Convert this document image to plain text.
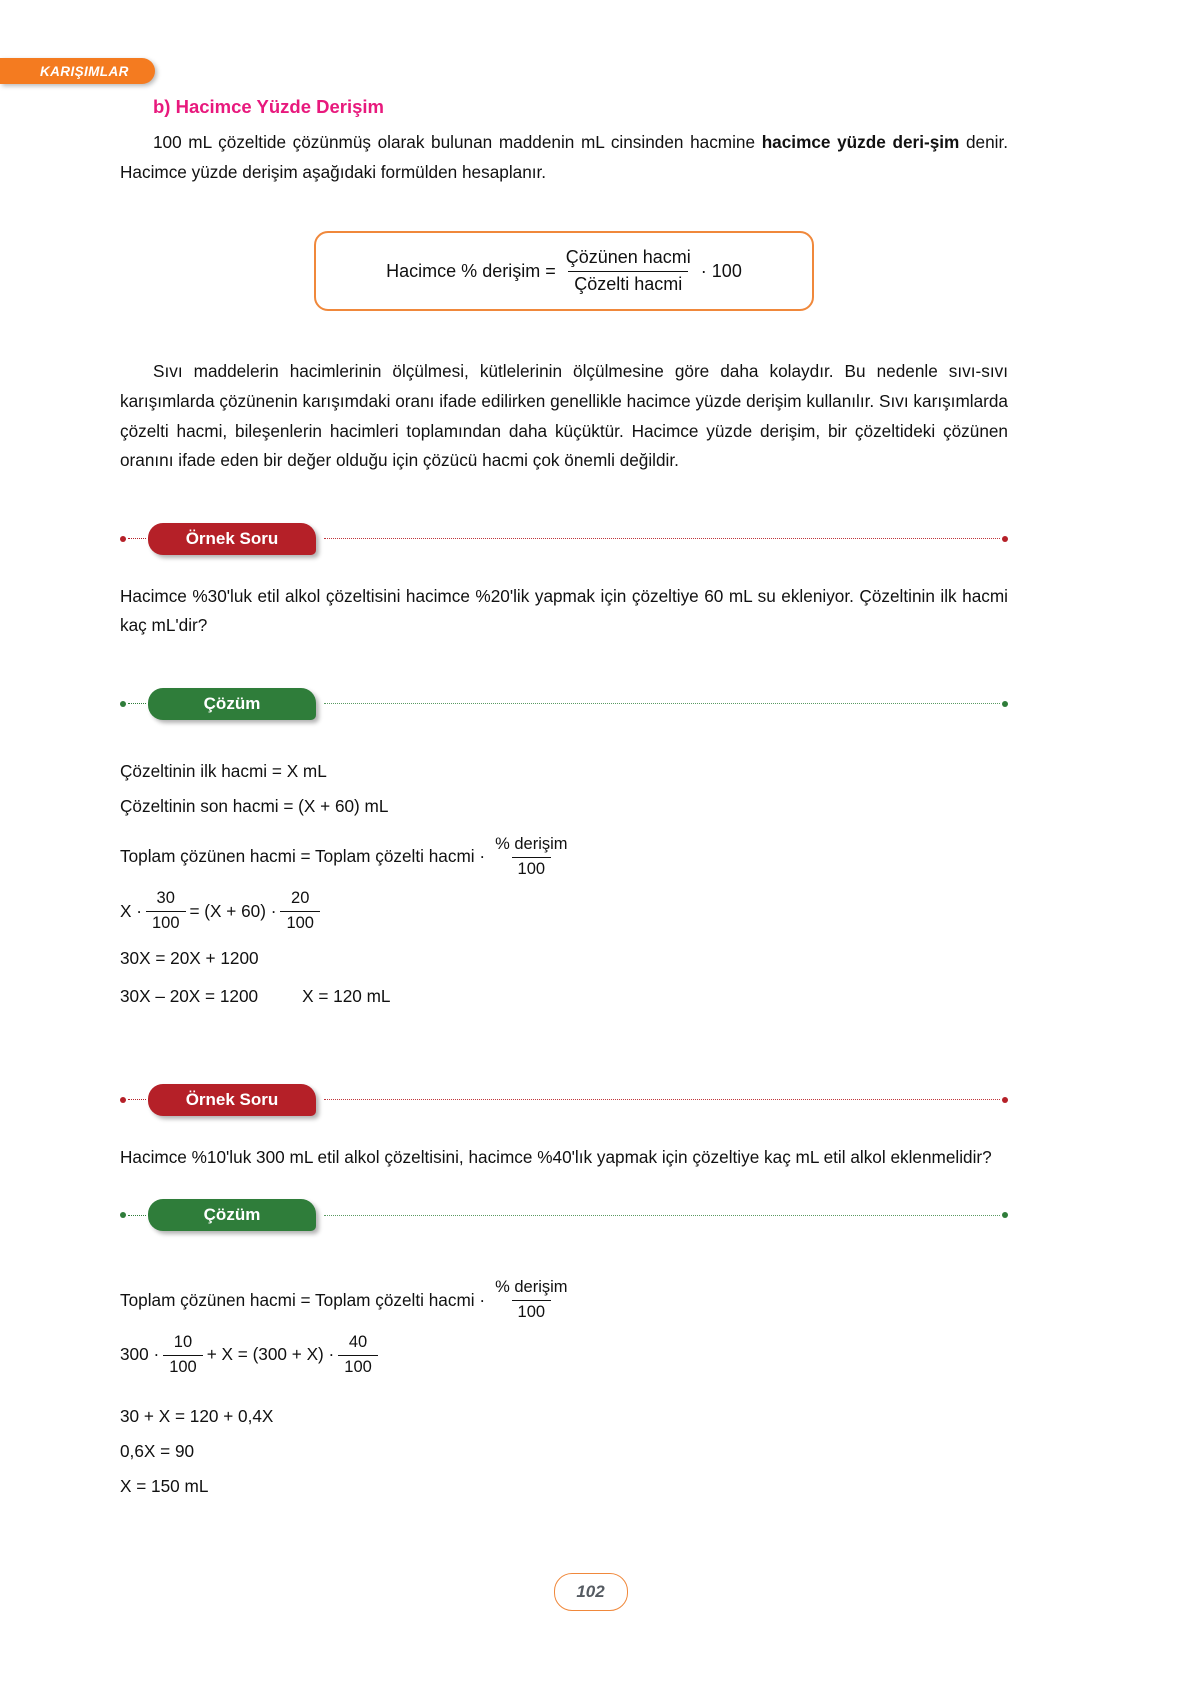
KARIŞIMLAR
b) Hacimce Yüzde Derişim

100 mL çözeltide çözünmüş olarak bulunan maddenin mL cinsinden hacmine hacimce yüzde deri-şim denir. Hacimce yüzde derişim aşağıdaki formülden hesaplanır.

Hacimce % derişim = $\frac{\text{Çözünen hacmi}}{\text{Çözelti hacmi}} \cdot 100$

Sıvı maddelerin hacimlerinin ölçülmesi, kütlelerinin ölçülmesine göre daha kolaydır. Bu nedenle sıvı-sıvı karışımlarda çözünenin karışımdaki oranı ifade edilirken genellikle hacimce yüzde derişim kullanılır. Sıvı karışımlarda çözelti hacmi, bileşenlerin hacimleri toplamından daha küçüktür. Hacimce yüzde derişim, bir çözeltideki çözünen oranını ifade eden bir değer olduğu için çözücü hacmi çok önemli değildir.

Örnek Soru

Hacimce %30'luk etil alkol çözeltisini hacimce %20'lik yapmak için çözeltiye 60 mL su ekleniyor. Çözeltinin ilk hacmi kaç mL'dir?

Çözüm
Çözeltinin ilk hacmi = X mL
Çözeltinin son hacmi = (X + 60) mL
Toplam çözünen hacmi = Toplam çözelti hacmi · $\frac{\text{\% derişim}}{100}$
$X \cdot \frac{30}{100} = (X + 60) \cdot \frac{20}{100}$
30X = 20X + 1200
30X – 20X = 1200	X = 120 mL
Örnek Soru

Hacimce %10'luk 300 mL etil alkol çözeltisini, hacimce %40'lık yapmak için çözeltiye kaç mL etil alkol eklenmelidir?

Çözüm
Toplam çözünen hacmi = Toplam çözelti hacmi · $\frac{\text{\% derişim}}{100}$
$300 \cdot \frac{10}{100} + X = (300 + X) \cdot \frac{40}{100}$
30 + X = 120 + 0,4X
0,6X = 90
X = 150 mL
102
